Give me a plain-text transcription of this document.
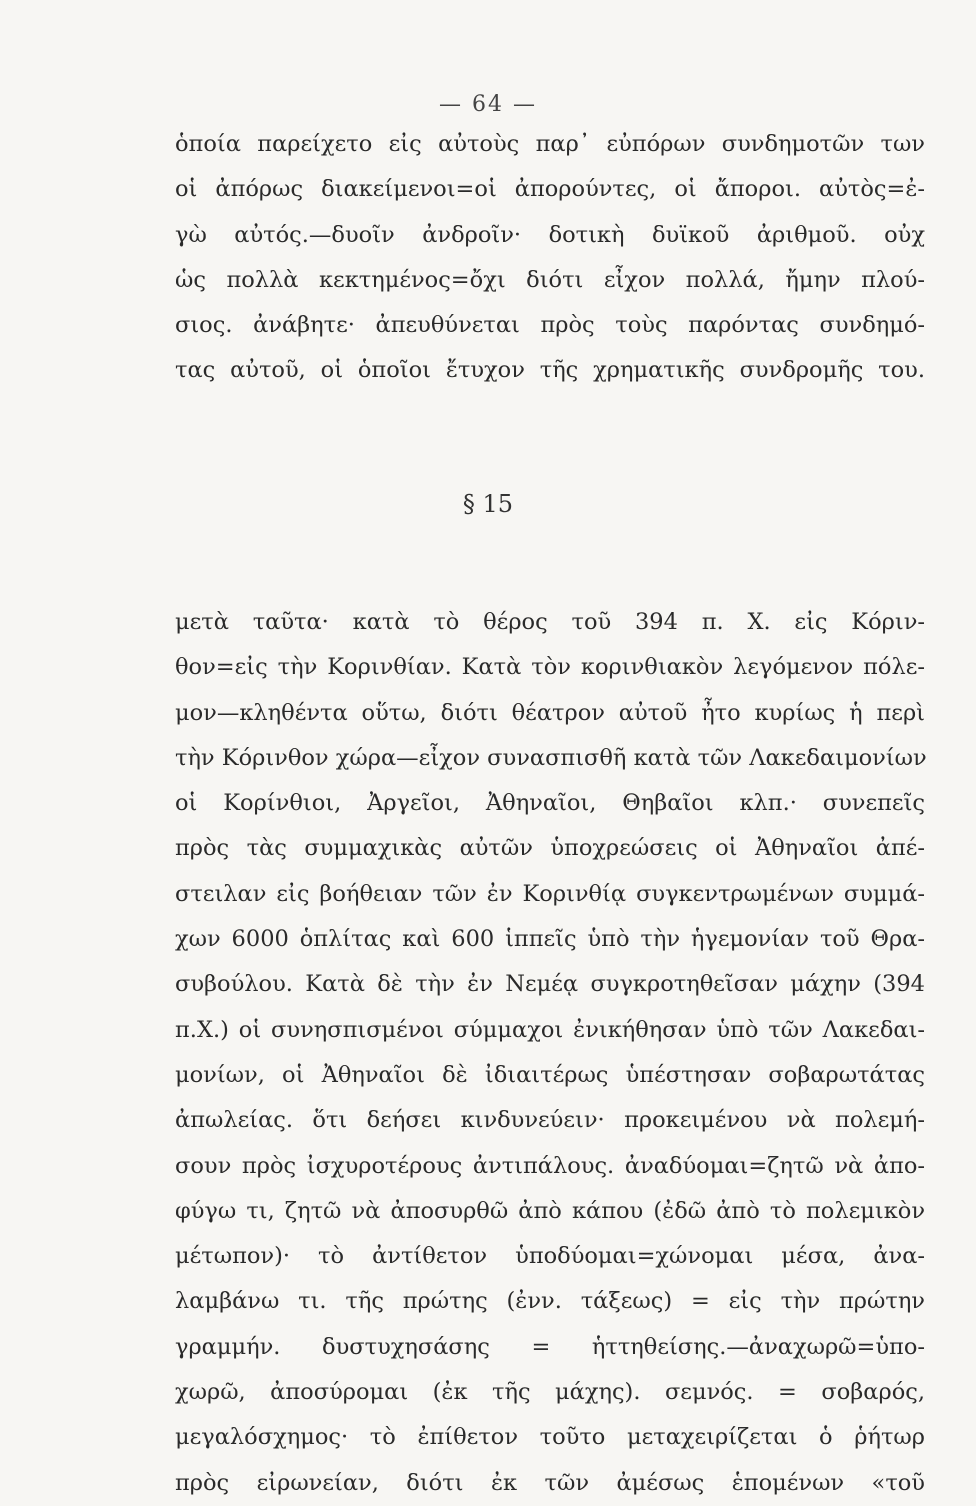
— 64 —
ὁποία παρείχετο εἰς αὐτοὺς παρ᾽ εὐπόρων συνδημοτῶν των
οἱ ἀπόρως διακείμενοι=οἱ ἀπορούντες, οἱ ἄποροι. αὐτὸς=ἐ-
γὼ αὐτός.—δυοῖν ἀνδροῖν· δοτικὴ δυϊκοῦ ἀριθμοῦ. οὐχ
ὡς πολλὰ κεκτημένος=ὄχι διότι εἶχον πολλά, ἤμην πλού-
σιος. ἀνάβητε· ἀπευθύνεται πρὸς τοὺς παρόντας συνδημό-
τας αὐτοῦ, οἱ ὁποῖοι ἔτυχον τῆς χρηματικῆς συνδρομῆς του.
§ 15
μετὰ ταῦτα· κατὰ τὸ θέρος τοῦ 394 π. Χ. εἰς Κόριν-
θον=εἰς τὴν Κορινθίαν. Κατὰ τὸν κορινθιακὸν λεγόμενον πόλε-
μον—κληθέντα οὕτω, διότι θέατρον αὐτοῦ ἦτο κυρίως ἡ περὶ
τὴν Κόρινθον χώρα—εἶχον συνασπισθῆ κατὰ τῶν Λακεδαιμονίων
οἱ Κορίνθιοι, Ἀργεῖοι, Ἀθηναῖοι, Θηβαῖοι κλπ.· συνεπεῖς
πρὸς τὰς συμμαχικὰς αὐτῶν ὑποχρεώσεις οἱ Ἀθηναῖοι ἀπέ-
στειλαν εἰς βοήθειαν τῶν ἐν Κορινθίᾳ συγκεντρωμένων συμμά-
χων 6000 ὁπλίτας καὶ 600 ἱππεῖς ὑπὸ τὴν ἡγεμονίαν τοῦ Θρα-
συβούλου. Κατὰ δὲ τὴν ἐν Νεμέᾳ συγκροτηθεῖσαν μάχην (394
π.Χ.) οἱ συνησπισμένοι σύμμαχοι ἐνικήθησαν ὑπὸ τῶν Λακεδαι-
μονίων, οἱ Ἀθηναῖοι δὲ ἰδιαιτέρως ὑπέστησαν σοβαρωτάτας
ἀπωλείας. ὅτι δεήσει κινδυνεύειν· προκειμένου νὰ πολεμή-
σουν πρὸς ἰσχυροτέρους ἀντιπάλους. ἀναδύομαι=ζητῶ νὰ ἀπο-
φύγω τι, ζητῶ νὰ ἀποσυρθῶ ἀπὸ κάπου (ἐδῶ ἀπὸ τὸ πολεμικὸν
μέτωπον)· τὸ ἀντίθετον ὑποδύομαι=χώνομαι μέσα, ἀνα-
λαμβάνω τι. τῆς πρώτης (ἐνν. τάξεως) = εἰς τὴν πρώτην
γραμμήν. δυστυχησάσης = ἡττηθείσης.—ἀναχωρῶ=ὑπο-
χωρῶ, ἀποσύρομαι (ἐκ τῆς μάχης). σεμνός. = σοβαρός,
μεγαλόσχημος· τὸ ἐπίθετον τοῦτο μεταχειρίζεται ὁ ῥήτωρ
πρὸς εἰρωνείαν, διότι ἐκ τῶν ἀμέσως ἑπομένων «τοῦ
